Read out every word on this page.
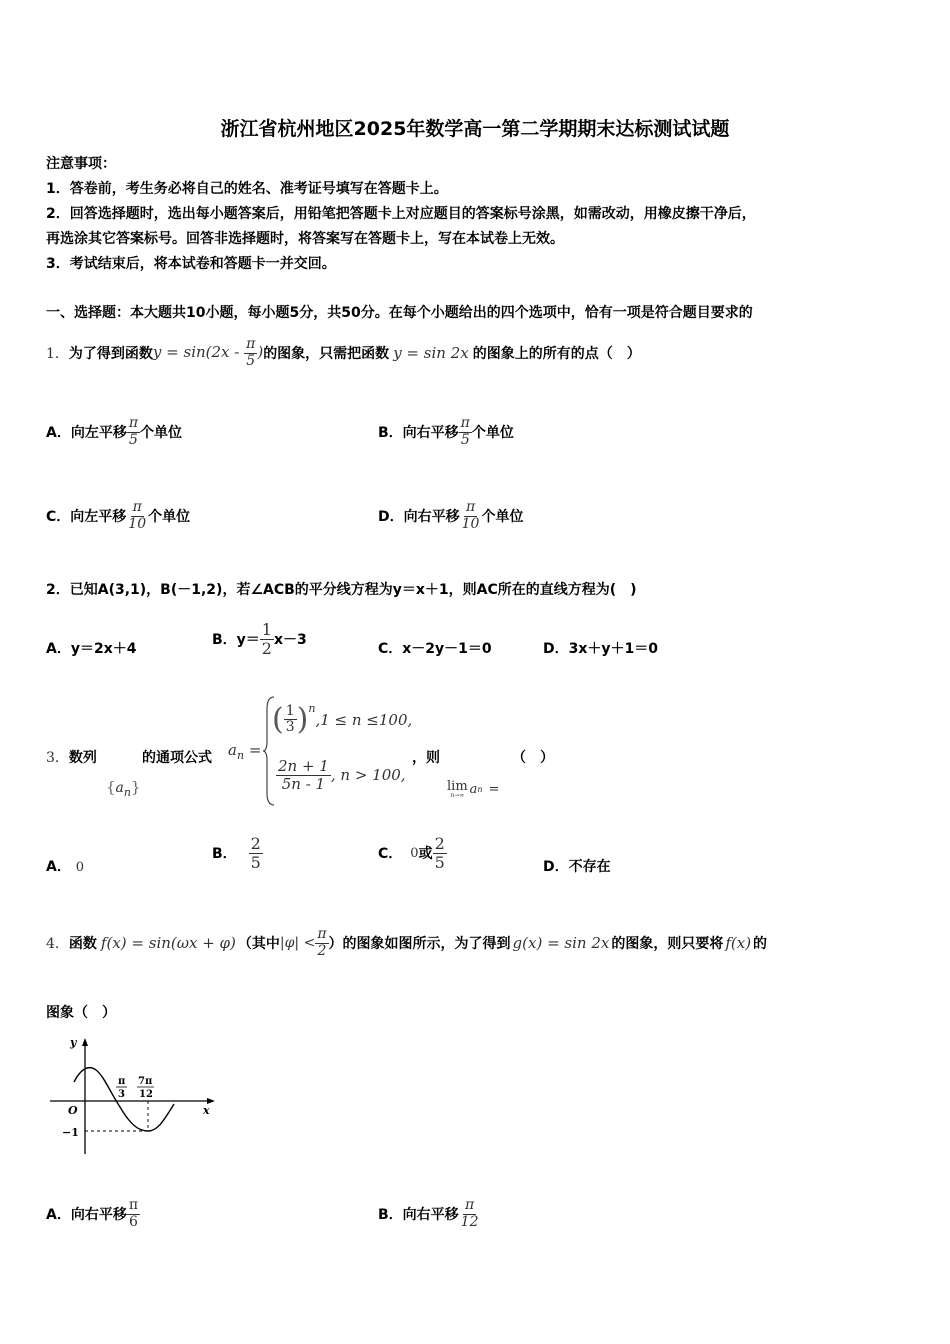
浙江省杭州地区2025年数学高一第二学期期末达标测试试题
注意事项：
1．答卷前，考生务必将自己的姓名、准考证号填写在答题卡上。
2．回答选择题时，选出每小题答案后，用铅笔把答题卡上对应题目的答案标号涂黑，如需改动，用橡皮擦干净后，
再选涂其它答案标号。回答非选择题时，将答案写在答题卡上，写在本试卷上无效。
3．考试结束后，将本试卷和答题卡一并交回。
一、选择题：本大题共10小题，每小题5分，共50分。在每个小题给出的四个选项中，恰有一项是符合题目要求的
1． 为了得到函数 $y = \sin(2x - \frac{\pi}{5}$ ) 的图象，只需把函数 y = sin 2x 的图象上的所有的点（　）
A．向左平移 $\frac{\pi}{5}$ 个单位	B．向右平移 $\frac{\pi}{5}$ 个单位
C．向左平移 $\frac{\pi}{10}$ 个单位	D．向右平移 $\frac{\pi}{10}$ 个单位
2．已知A(3,1)，B(－1,2)，若∠ACB的平分线方程为y＝x＋1，则AC所在的直线方程为(　)
A．y＝2x＋4
B．$y= \frac{1}{2} x-3$
C．x－2y－1＝0	D．3x＋y＋1＝0
3．数列
$\{a_n\}$
的通项公式 $a_n$ =
( $\frac{1}{3} )^n$
,1 ≤ n ≤100,
$\frac{2n + 1}{5n - 1}$ , n > 100,
，则	（　）
lim
n→∞ a n =
A． 0
B． $\frac{2}{5}$	C． 0 或 $\frac{2}{5}$	D．不存在
4． 函数 f(x) = sin(ωx + φ) （其中 $|\varphi| < \frac{\pi}{2}$ ）的图象如图所示，为了得到 g(x) = sin 2x 的图象，则只要将 f(x) 的
图象（　）
y
x
O
−1
π
3
7π
12
A．向右平移 $\frac{\pi}{6}$	B．向右平移 $\frac{\pi}{12}$
